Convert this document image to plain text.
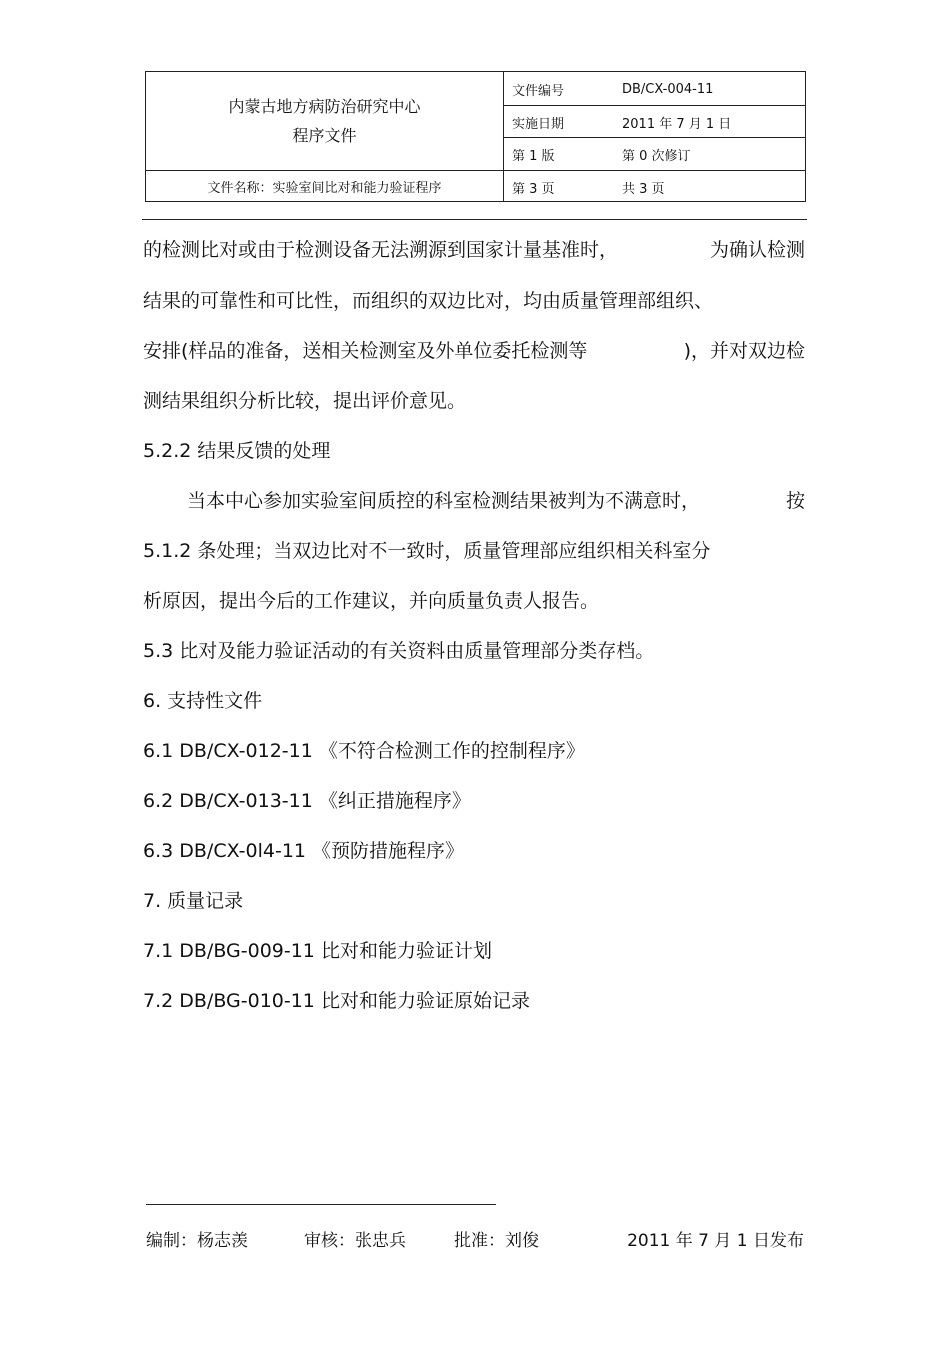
内蒙古地方病防治研究中心
程序文件
文件名称：实验室间比对和能力验证程序
文件编号	DB/CX-004-11
实施日期	2011 年 7 月 1 日
第 1 版	第 0 次修订
第 3 页	共 3 页
的检测比对或由于检测设备无法溯源到国家计量基准时，	为确认检测
结果的可靠性和可比性，而组织的双边比对，均由质量管理部组织、
安排(样品的准备，送相关检测室及外单位委托检测等	)，并对双边检
测结果组织分析比较，提出评价意见。
5.2.2 结果反馈的处理
当本中心参加实验室间质控的科室检测结果被判为不满意时，	按
5.1.2 条处理；当双边比对不一致时，质量管理部应组织相关科室分
析原因，提出今后的工作建议，并向质量负责人报告。
5.3 比对及能力验证活动的有关资料由质量管理部分类存档。
6. 支持性文件
6.1 DB/CX-012-11 《不符合检测工作的控制程序》
6.2 DB/CX-013-11 《纠正措施程序》
6.3 DB/CX-0l4-11 《预防措施程序》
7. 质量记录
7.1 DB/BG-009-11 比对和能力验证计划
7.2 DB/BG-010-11 比对和能力验证原始记录
编制：杨志羡	审核：张忠兵	批准：刘俊	2011 年 7 月 1 日发布
